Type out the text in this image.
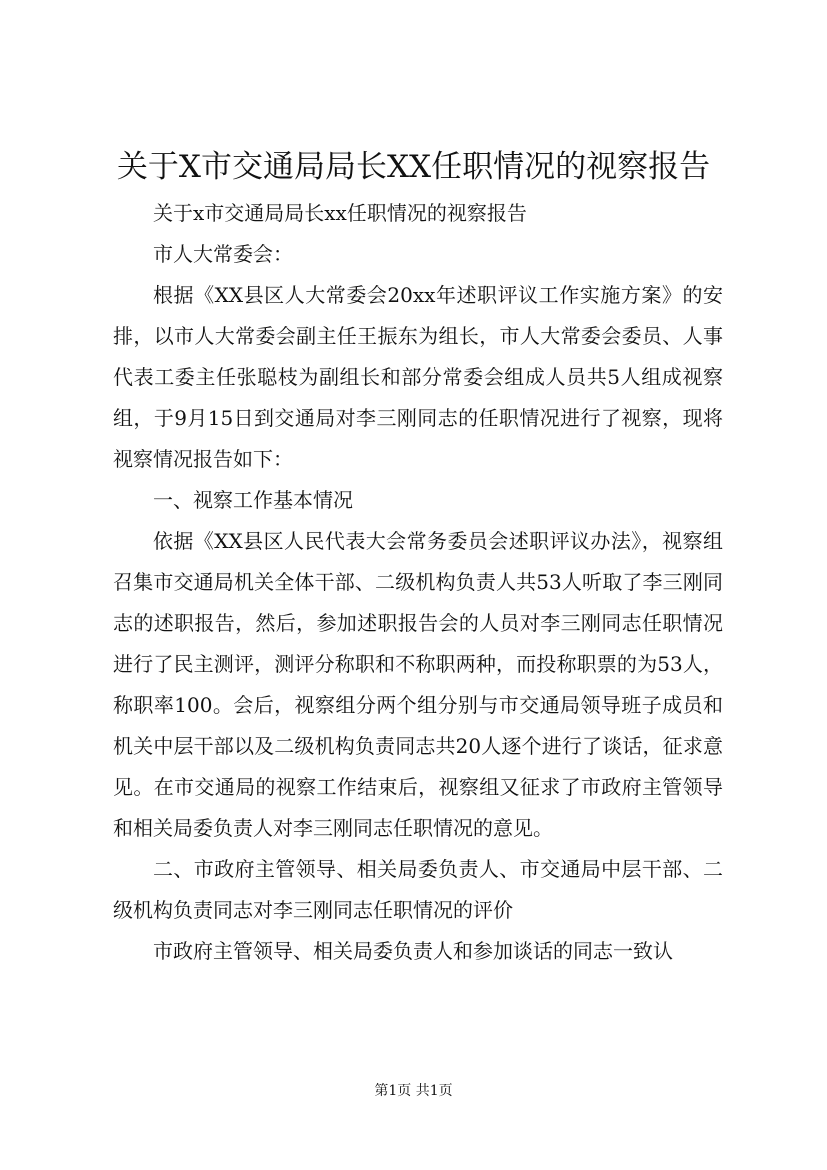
关于X市交通局局长XX任职情况的视察报告

关于x市交通局局长xx任职情况的视察报告

市人大常委会：

根据《XX县区人大常委会20xx年述职评议工作实施方案》的安排，以市人大常委会副主任王振东为组长，市人大常委会委员、人事代表工委主任张聪枝为副组长和部分常委会组成人员共5人组成视察组，于9月15日到交通局对李三刚同志的任职情况进行了视察，现将视察情况报告如下：

一、视察工作基本情况

依据《XX县区人民代表大会常务委员会述职评议办法》，视察组召集市交通局机关全体干部、二级机构负责人共53人听取了李三刚同志的述职报告，然后，参加述职报告会的人员对李三刚同志任职情况进行了民主测评，测评分称职和不称职两种，而投称职票的为53人，称职率100。会后，视察组分两个组分别与市交通局领导班子成员和机关中层干部以及二级机构负责同志共20人逐个进行了谈话，征求意见。在市交通局的视察工作结束后，视察组又征求了市政府主管领导和相关局委负责人对李三刚同志任职情况的意见。

二、市政府主管领导、相关局委负责人、市交通局中层干部、二级机构负责同志对李三刚同志任职情况的评价

市政府主管领导、相关局委负责人和参加谈话的同志一致认

第1页 共1页
